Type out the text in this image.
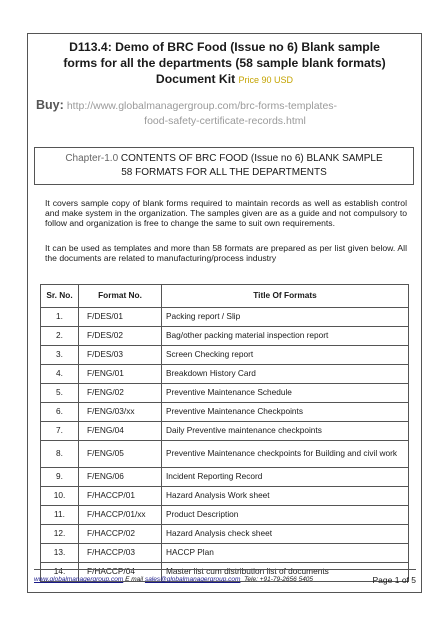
D113.4: Demo of BRC Food (Issue no 6) Blank sample
forms for all the departments (58 sample blank formats)
Document Kit Price 90 USD
Buy: http://www.globalmanagergroup.com/brc-forms-templates-
food-safety-certificate-records.html
Chapter-1.0 CONTENTS OF BRC FOOD (Issue no 6) BLANK SAMPLE
58 FORMATS FOR ALL THE DEPARTMENTS
It covers sample copy of blank forms required to maintain records as well as establish control and make system in the organization. The samples given are as a guide and not compulsory to follow and organization is free to change the same to suit own requirements.
It can be used as templates and more than 58 formats are prepared as per list given below. All the documents are related to manufacturing/process industry
Sr. No.	Format No.	Title Of Formats
1.	F/DES/01	Packing report / Slip
2.	F/DES/02	Bag/other packing material inspection report
3.	F/DES/03	Screen Checking report
4.	F/ENG/01	Breakdown History Card
5.	F/ENG/02	Preventive Maintenance Schedule
6.	F/ENG/03/xx	Preventive Maintenance Checkpoints
7.	F/ENG/04	Daily Preventive maintenance checkpoints
8.	F/ENG/05	Preventive Maintenance checkpoints for Building and civil work
9.	F/ENG/06	Incident Reporting Record
10.	F/HACCP/01	Hazard Analysis Work sheet
11.	F/HACCP/01/xx	Product Description
12.	F/HACCP/02	Hazard Analysis check sheet
13.	F/HACCP/03	HACCP Plan
14.	F/HACCP/04	Master list cum distribution list of documents
www.globalmanagergroup.com
E mail
sales@globalmanagergroup.com
Tele: +91-79-2656 5405	Page 1 of 5
